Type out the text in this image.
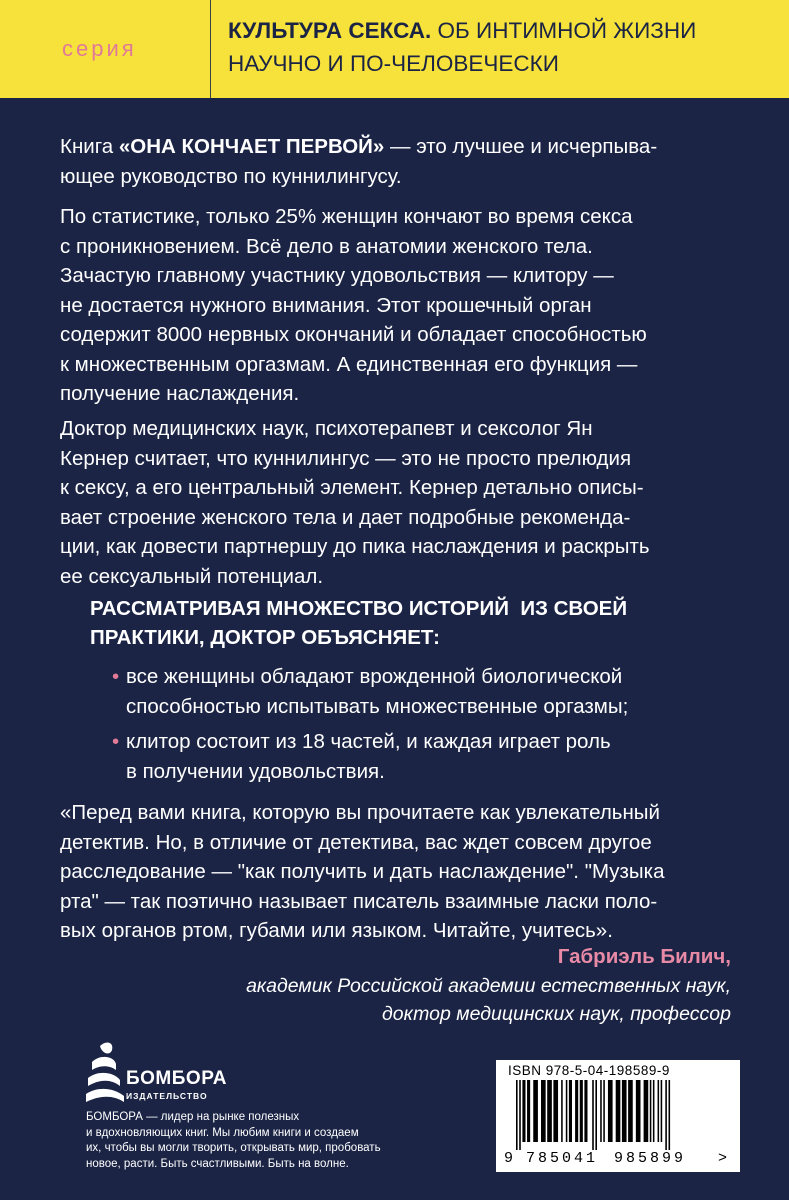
серия
КУЛЬТУРА СЕКСА. ОБ ИНТИМНОЙ ЖИЗНИ
НАУЧНО И ПО-ЧЕЛОВЕЧЕСКИ
Книга «ОНА КОНЧАЕТ ПЕРВОЙ» — это лучшее и исчерпыва-
ющее руководство по куннилингусу.
По статистике, только 25% женщин кончают во время секса
с проникновением. Всё дело в анатомии женского тела.
Зачастую главному участнику удовольствия — клитору —
не достается нужного внимания. Этот крошечный орган
содержит 8000 нервных окончаний и обладает способностью
к множественным оргазмам. А единственная его функция —
получение наслаждения.
Доктор медицинских наук, психотерапевт и сексолог Ян
Кернер считает, что куннилингус — это не просто прелюдия
к сексу, а его центральный элемент. Кернер детально описы-
вает строение женского тела и дает подробные рекоменда-
ции, как довести партнершу до пика наслаждения и раскрыть
ее сексуальный потенциал.
РАССМАТРИВАЯ МНОЖЕСТВО ИСТОРИЙ  ИЗ СВОЕЙ
ПРАКТИКИ, ДОКТОР ОБЪЯСНЯЕТ:
• все женщины обладают врожденной биологической
способностью испытывать множественные оргазмы;
• клитор состоит из 18 частей, и каждая играет роль
в получении удовольствия.
«Перед вами книга, которую вы прочитаете как увлекательный
детектив. Но, в отличие от детектива, вас ждет совсем другое
расследование — "как получить и дать наслаждение". "Музыка
рта" — так поэтично называет писатель взаимные ласки поло-
вых органов ртом, губами или языком. Читайте, учитесь».
Габриэль Билич,
академик Российской академии естественных наук,
доктор медицинских наук, профессор
БОМБОРА
ИЗДАТЕЛЬСТВО
БОМБОРА — лидер на рынке полезных
и вдохновляющих книг. Мы любим книги и создаем
их, чтобы вы могли творить, открывать мир, пробовать
новое, расти. Быть счастливыми. Быть на волне.
ISBN 978-5-04-198589-9
9 785041 985899 >
